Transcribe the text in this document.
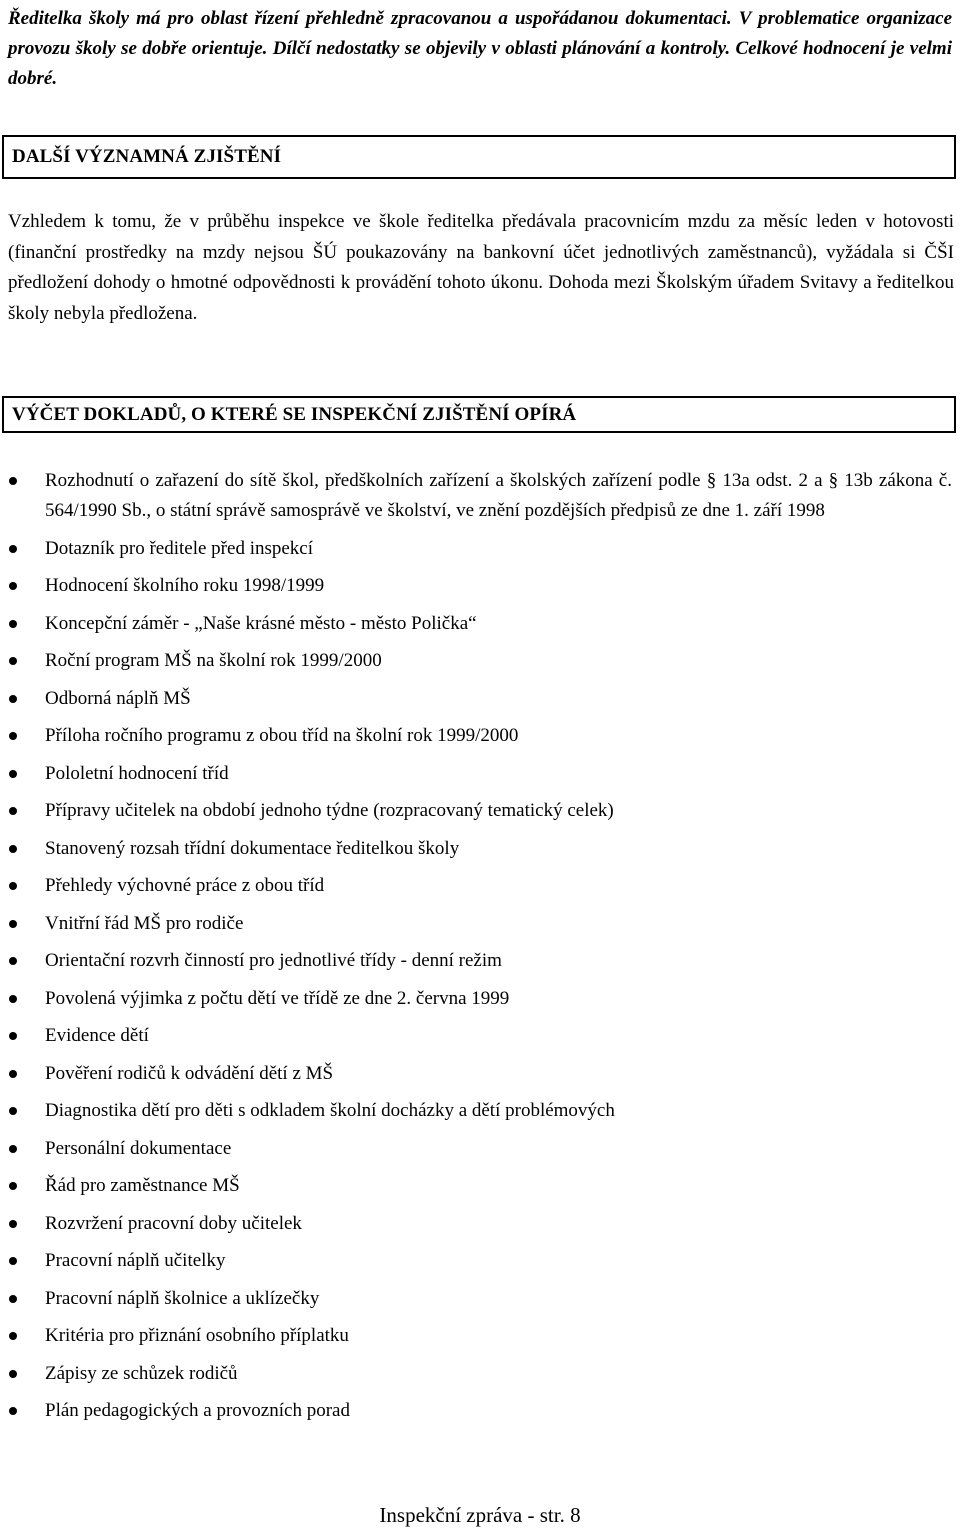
Ředitelka školy má pro oblast řízení přehledně zpracovanou a uspořádanou dokumentaci. V problematice organizace provozu školy se dobře orientuje. Dílčí nedostatky se objevily v oblasti plánování a kontroly. Celkové hodnocení je velmi dobré.
DALŠÍ VÝZNAMNÁ ZJIŠTĚNÍ
Vzhledem k tomu, že v průběhu inspekce ve škole ředitelka předávala pracovnicím mzdu za měsíc leden v hotovosti (finanční prostředky na mzdy nejsou ŠÚ poukazovány na bankovní účet jednotlivých zaměstnanců), vyžádala si ČŠI předložení dohody o hmotné odpovědnosti k provádění tohoto úkonu. Dohoda mezi Školským úřadem Svitavy a ředitelkou školy nebyla předložena.
VÝČET DOKLADŮ, O KTERÉ SE INSPEKČNÍ ZJIŠTĚNÍ OPÍRÁ
Rozhodnutí o zařazení do sítě škol, předškolních zařízení a školských zařízení podle § 13a odst. 2 a § 13b zákona č. 564/1990 Sb., o státní správě samosprávě ve školství, ve znění pozdějších předpisů ze dne 1. září 1998
Dotazník pro ředitele před inspekcí
Hodnocení školního roku 1998/1999
Koncepční záměr - „Naše krásné město - město Polička“
Roční program MŠ na školní rok 1999/2000
Odborná náplň MŠ
Příloha ročního programu z obou tříd na školní rok 1999/2000
Pololetní hodnocení tříd
Přípravy učitelek na období jednoho týdne (rozpracovaný tematický celek)
Stanovený rozsah třídní dokumentace ředitelkou školy
Přehledy výchovné práce z obou tříd
Vnitřní řád MŠ pro rodiče
Orientační rozvrh činností pro jednotlivé třídy - denní režim
Povolená výjimka z počtu dětí ve třídě ze dne 2. června 1999
Evidence dětí
Pověření rodičů k odvádění dětí z MŠ
Diagnostika dětí pro děti s odkladem školní docházky a dětí problémových
Personální dokumentace
Řád pro zaměstnance MŠ
Rozvržení pracovní doby učitelek
Pracovní náplň učitelky
Pracovní náplň školnice a uklízečky
Kritéria pro přiznání osobního příplatku
Zápisy ze schůzek rodičů
Plán pedagogických a provozních porad
Inspekční zpráva - str. 8
